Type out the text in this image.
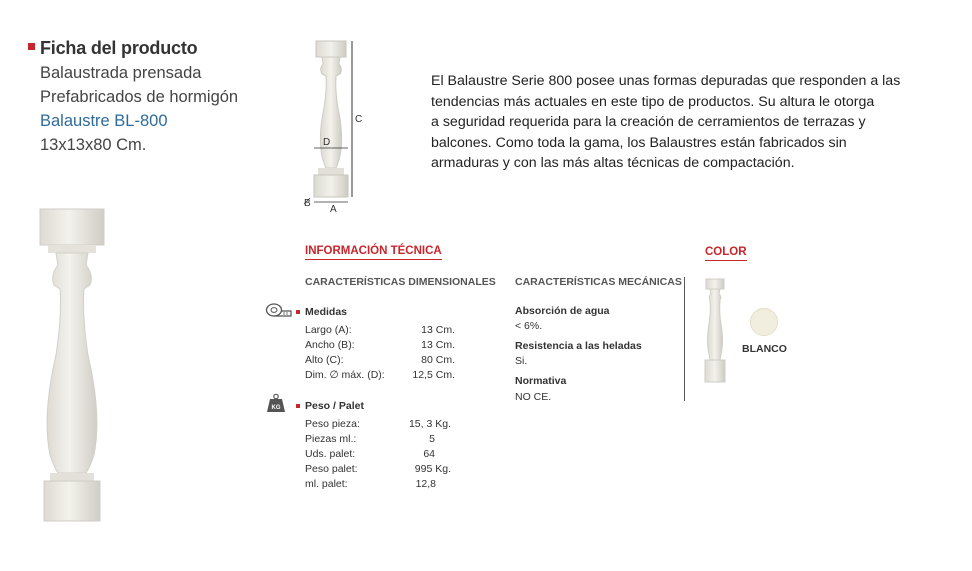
Ficha del producto
Balaustrada prensada
Prefabricados de hormigón
Balaustre BL-800
13x13x80 Cm.
C
D
B
A

El Balaustre Serie 800 posee unas formas depuradas que responden a las

tendencias más actuales en este tipo de productos. Su altura le otorga

a seguridad requerida para la creación de cerramientos de terrazas y

balcones. Como toda la gama, los Balaustres están fabricados sin

armaduras y con las más altas técnicas de compactación.

INFORMACIÓN TÉCNICA
CARACTERÍSTICAS DIMENSIONALES CARACTERÍSTICAS MECÁNICAS
Medidas
Largo (A):	13 Cm.
Ancho (B):	13 Cm.
Alto (C):	80 Cm.
Dim. ∅ máx. (D):	12,5 Cm.
KG Peso / Palet
Peso pieza:	15, 3 Kg.
Piezas ml.:	5
Uds. palet:	64
Peso palet:	995 Kg.
ml. palet:	12,8
Absorción de agua
< 6%.
Resistencia a las heladas
Si.
Normativa
NO CE.
COLOR
BLANCO
